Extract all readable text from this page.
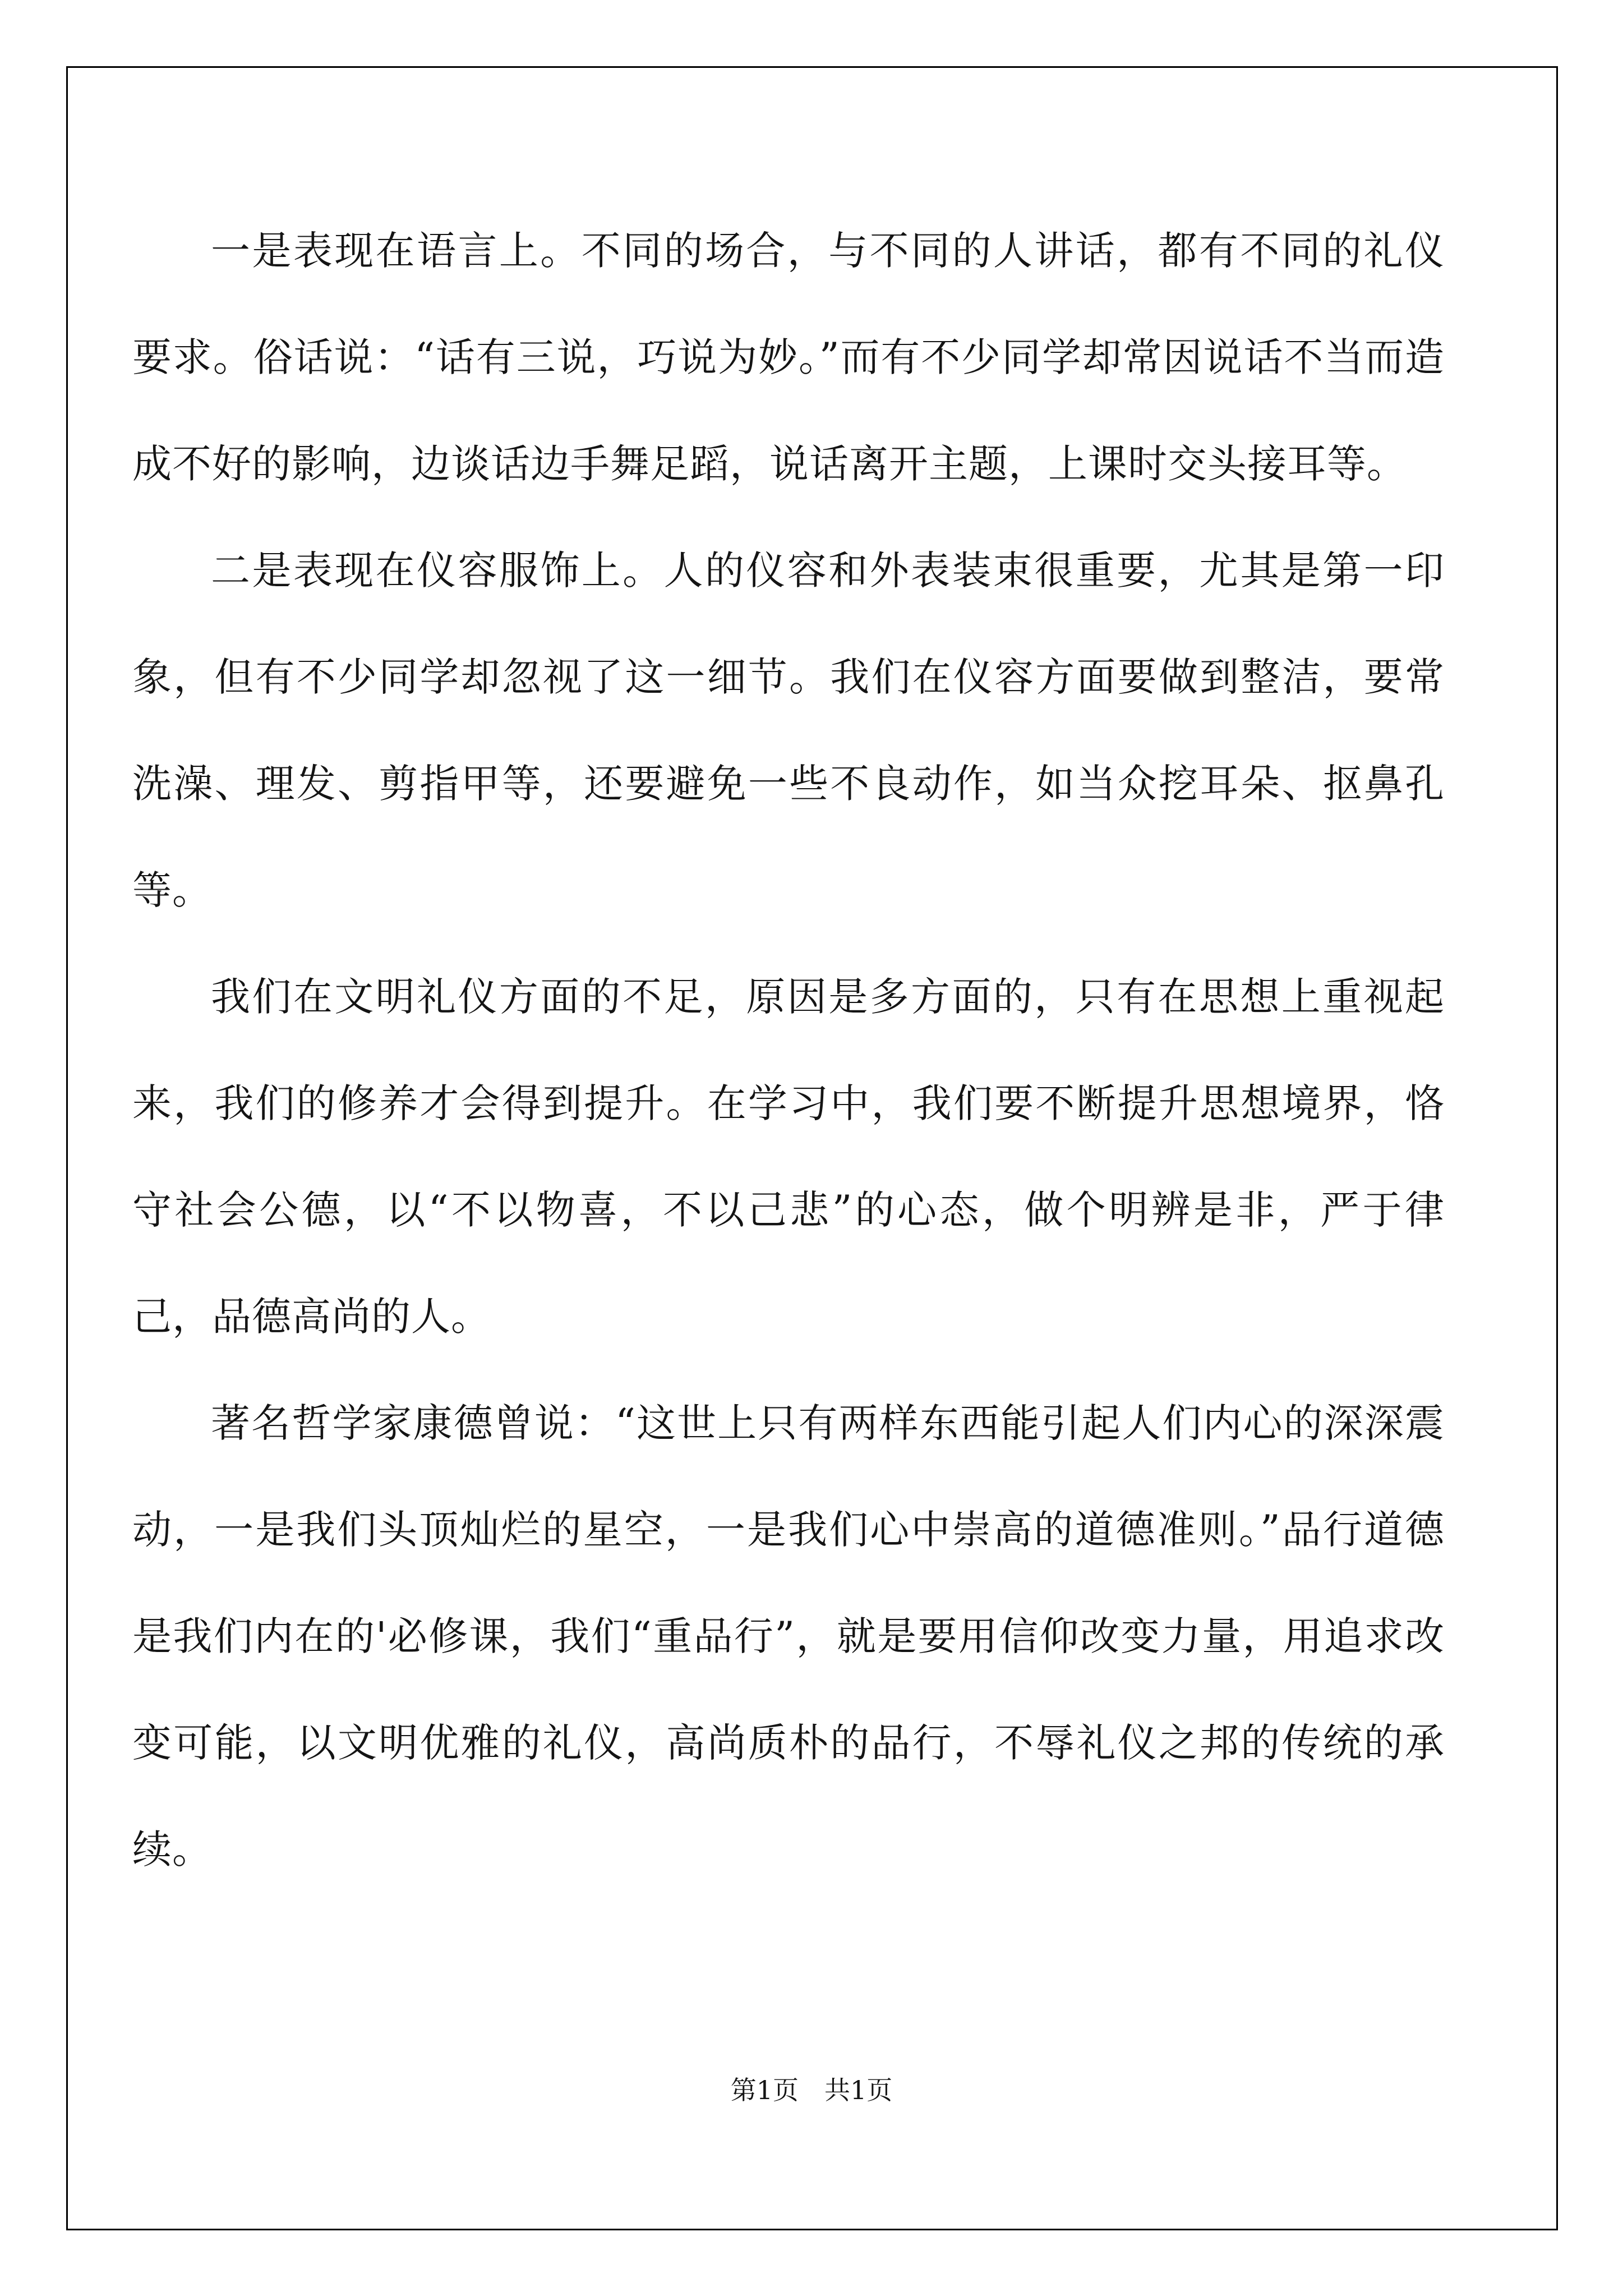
一是表现在语言上。不同的场合，与不同的人讲话，都有不同的礼仪要求。俗话说：“话有三说，巧说为妙。”而有不少同学却常因说话不当而造成不好的影响，边谈话边手舞足蹈，说话离开主题，上课时交头接耳等。

二是表现在仪容服饰上。人的仪容和外表装束很重要，尤其是第一印象，但有不少同学却忽视了这一细节。我们在仪容方面要做到整洁，要常洗澡、理发、剪指甲等，还要避免一些不良动作，如当众挖耳朵、抠鼻孔等。

我们在文明礼仪方面的不足，原因是多方面的，只有在思想上重视起来，我们的修养才会得到提升。在学习中，我们要不断提升思想境界，恪守社会公德，以“不以物喜，不以己悲”的心态，做个明辨是非，严于律己，品德高尚的人。

著名哲学家康德曾说：“这世上只有两样东西能引起人们内心的深深震动，一是我们头顶灿烂的星空，一是我们心中崇高的道德准则。”品行道德是我们内在的'必修课，我们“重品行”，就是要用信仰改变力量，用追求改变可能，以文明优雅的礼仪，高尚质朴的品行，不辱礼仪之邦的传统的承续。

第1页 共1页
